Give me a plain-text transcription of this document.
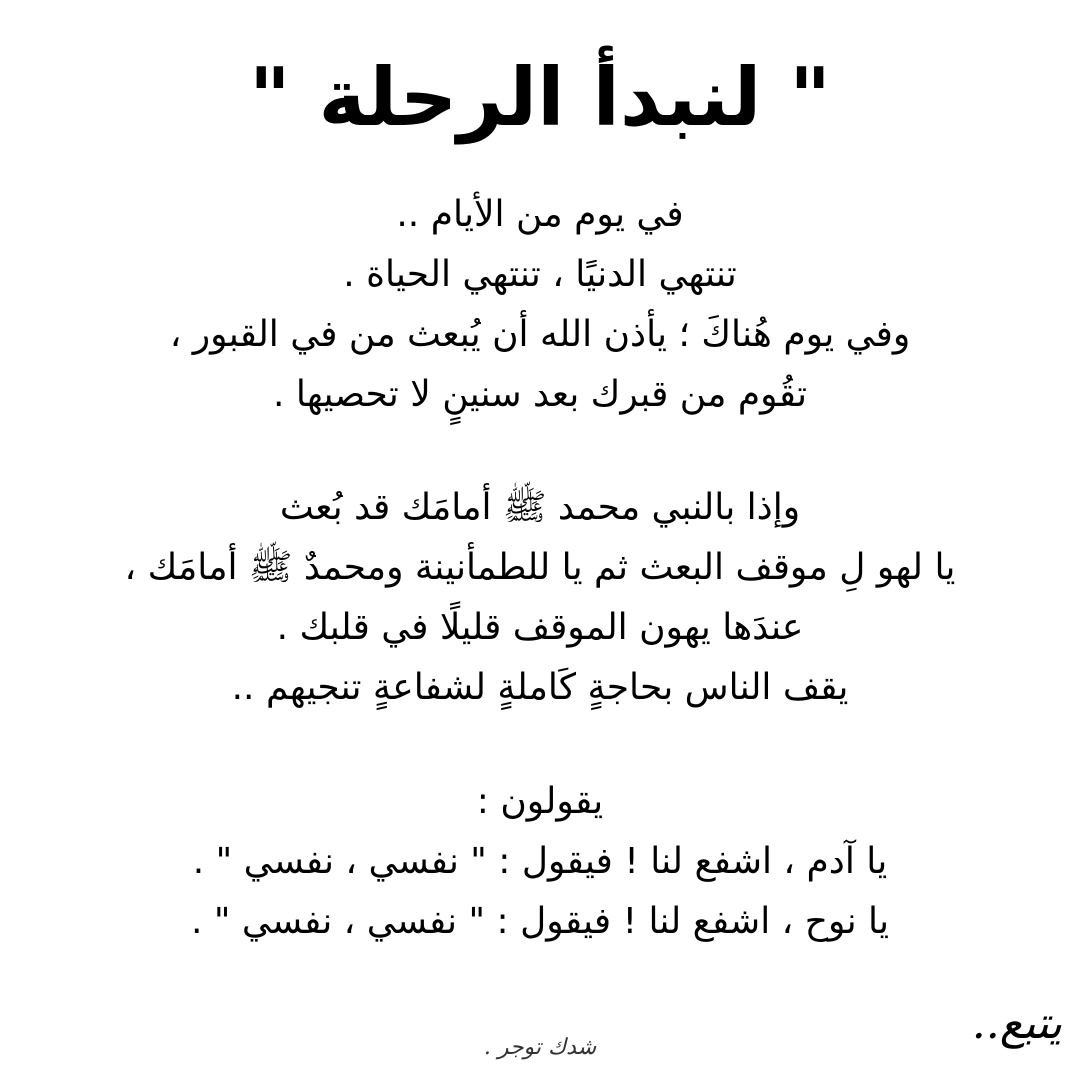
" لنبدأ الرحلة "
في يوم من الأيام ..
تنتهي الدنيًا ، تنتهي الحياة .
وفي يوم هُناكَ ؛ يأذن الله أن يُبعث من في القبور ،
تقُوم من قبرك بعد سنينٍ لا تحصيها .
وإذا بالنبي محمد ﷺ أمامَك قد بُعث
يا لهو لِ موقف البعث ثم يا للطمأنينة ومحمدٌ ﷺ أمامَك ،
عندَها يهون الموقف قليلًا في قلبك .
يقف الناس بحاجةٍ كَاملةٍ لشفاعةٍ تنجيهم ..
يقولون :
يا آدم ، اشفع لنا ! فيقول : " نفسي ، نفسي " .
يا نوح ، اشفع لنا ! فيقول : " نفسي ، نفسي " .
يتبع..
شدك توجر .
